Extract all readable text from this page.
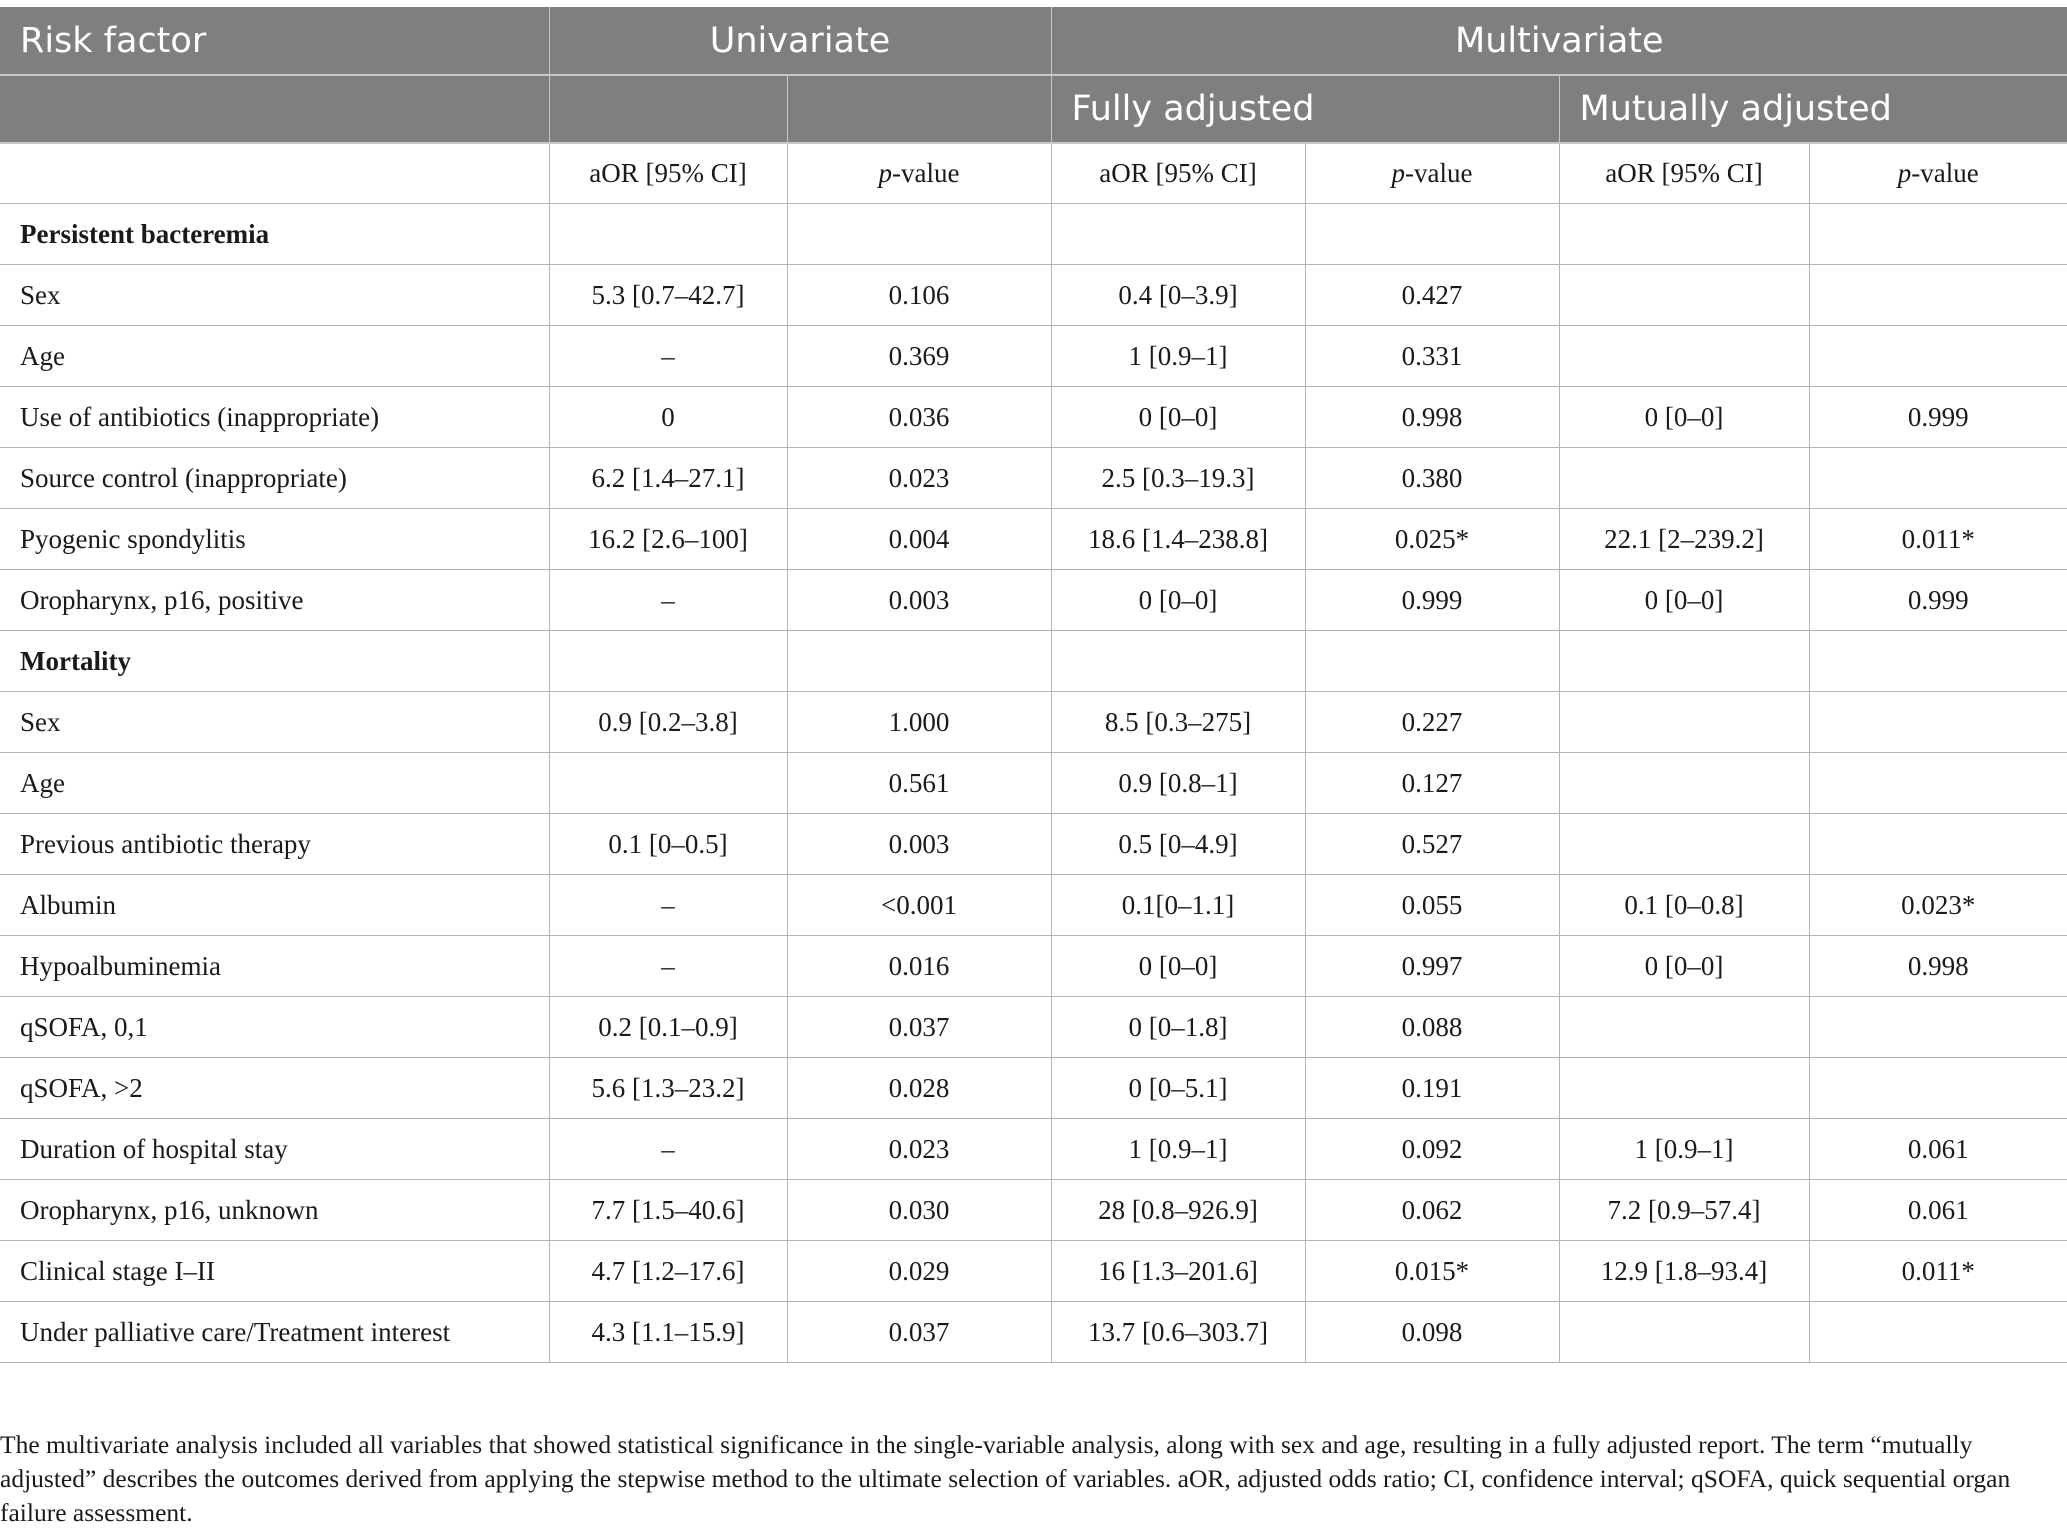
Risk factor	Univariate		Multivariate			
			Fully adjusted		Mutually adjusted	
	aOR [95% CI]	p-value	aOR [95% CI]	p-value	aOR [95% CI]	p-value
Persistent bacteremia						
Sex	5.3 [0.7–42.7]	0.106	0.4 [0–3.9]	0.427		
Age	–	0.369	1 [0.9–1]	0.331		
Use of antibiotics (inappropriate)	0	0.036	0 [0–0]	0.998	0 [0–0]	0.999
Source control (inappropriate)	6.2 [1.4–27.1]	0.023	2.5 [0.3–19.3]	0.380		
Pyogenic spondylitis	16.2 [2.6–100]	0.004	18.6 [1.4–238.8]	0.025*	22.1 [2–239.2]	0.011*
Oropharynx, p16, positive	–	0.003	0 [0–0]	0.999	0 [0–0]	0.999
Mortality						
Sex	0.9 [0.2–3.8]	1.000	8.5 [0.3–275]	0.227		
Age		0.561	0.9 [0.8–1]	0.127		
Previous antibiotic therapy	0.1 [0–0.5]	0.003	0.5 [0–4.9]	0.527		
Albumin	–	<0.001	0.1[0–1.1]	0.055	0.1 [0–0.8]	0.023*
Hypoalbuminemia	–	0.016	0 [0–0]	0.997	0 [0–0]	0.998
qSOFA, 0,1	0.2 [0.1–0.9]	0.037	0 [0–1.8]	0.088		
qSOFA, >2	5.6 [1.3–23.2]	0.028	0 [0–5.1]	0.191		
Duration of hospital stay	–	0.023	1 [0.9–1]	0.092	1 [0.9–1]	0.061
Oropharynx, p16, unknown	7.7 [1.5–40.6]	0.030	28 [0.8–926.9]	0.062	7.2 [0.9–57.4]	0.061
Clinical stage I–II	4.7 [1.2–17.6]	0.029	16 [1.3–201.6]	0.015*	12.9 [1.8–93.4]	0.011*
Under palliative care/Treatment interest	4.3 [1.1–15.9]	0.037	13.7 [0.6–303.7]	0.098		
The multivariate analysis included all variables that showed statistical significance in the single-variable analysis, along with sex and age, resulting in a fully adjusted report. The term “mutually adjusted” describes the outcomes derived from applying the stepwise method to the ultimate selection of variables. aOR, adjusted odds ratio; CI, confidence interval; qSOFA, quick sequential organ failure assessment.
